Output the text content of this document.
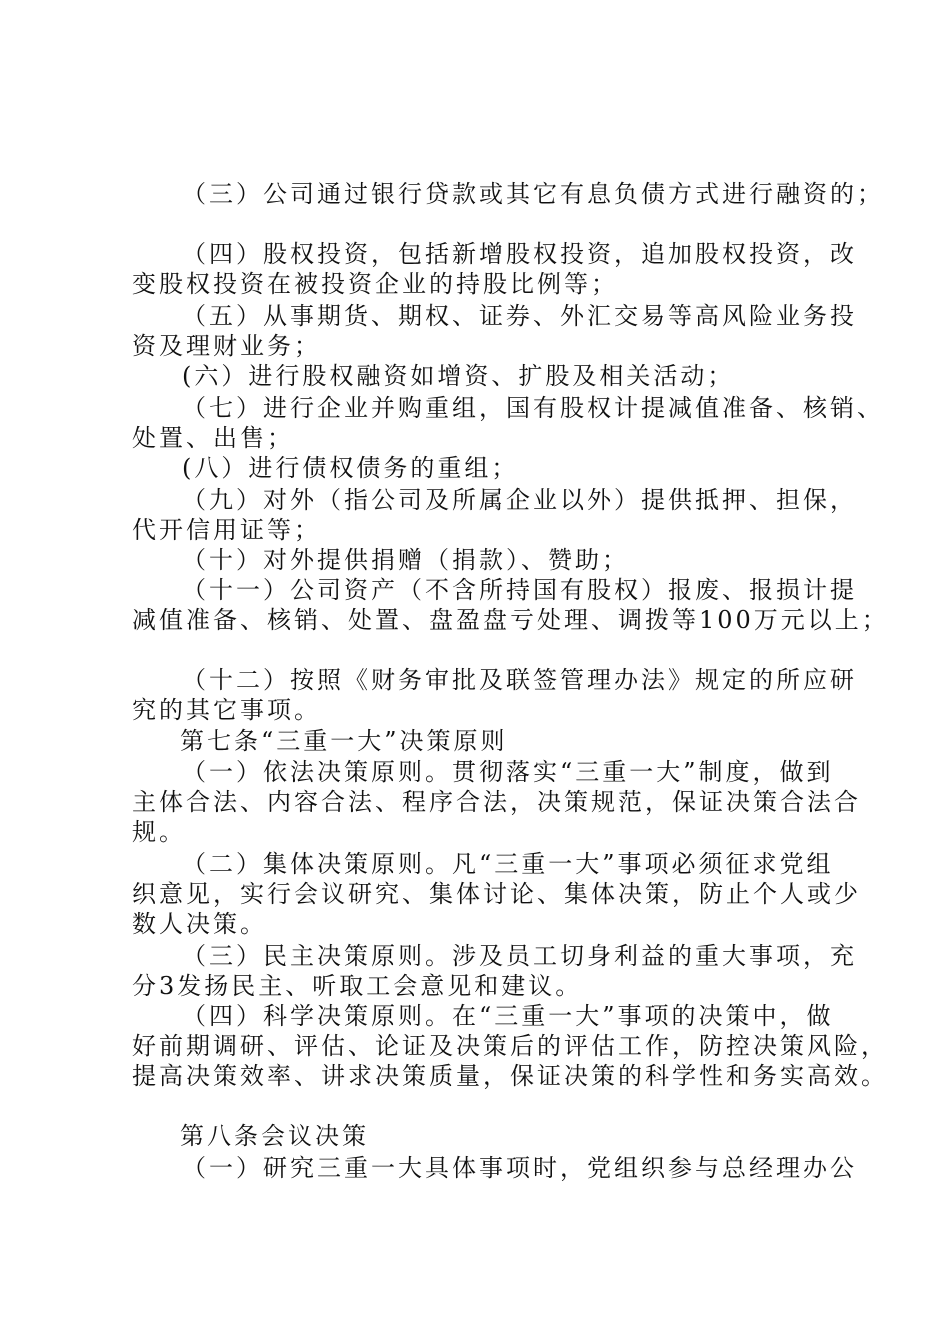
（三）公司通过银行贷款或其它有息负债方式进行融资的；

（四）股权投资，包括新增股权投资，追加股权投资，改

变股权投资在被投资企业的持股比例等；

（五）从事期货、期权、证券、外汇交易等高风险业务投

资及理财业务；

(六）进行股权融资如增资、扩股及相关活动；

（七）进行企业并购重组，国有股权计提减值准备、核销、

处置、出售；

(八）进行债权债务的重组；

（九）对外（指公司及所属企业以外）提供抵押、担保，

代开信用证等；

（十）对外提供捐赠（捐款）、赞助；

（十一）公司资产（不含所持国有股权）报废、报损计提

减值准备、核销、处置、盘盈盘亏处理、调拨等100万元以上；

（十二）按照《财务审批及联签管理办法》规定的所应研

究的其它事项。

第七条“三重一大”决策原则

（一）依法决策原则。贯彻落实“三重一大”制度，做到

主体合法、内容合法、程序合法，决策规范，保证决策合法合

规。

（二）集体决策原则。凡“三重一大”事项必须征求党组

织意见，实行会议研究、集体讨论、集体决策，防止个人或少

数人决策。

（三）民主决策原则。涉及员工切身利益的重大事项，充

分3发扬民主、听取工会意见和建议。

（四）科学决策原则。在“三重一大”事项的决策中，做

好前期调研、评估、论证及决策后的评估工作，防控决策风险，

提高决策效率、讲求决策质量，保证决策的科学性和务实高效。

第八条会议决策

（一）研究三重一大具体事项时，党组织参与总经理办公
